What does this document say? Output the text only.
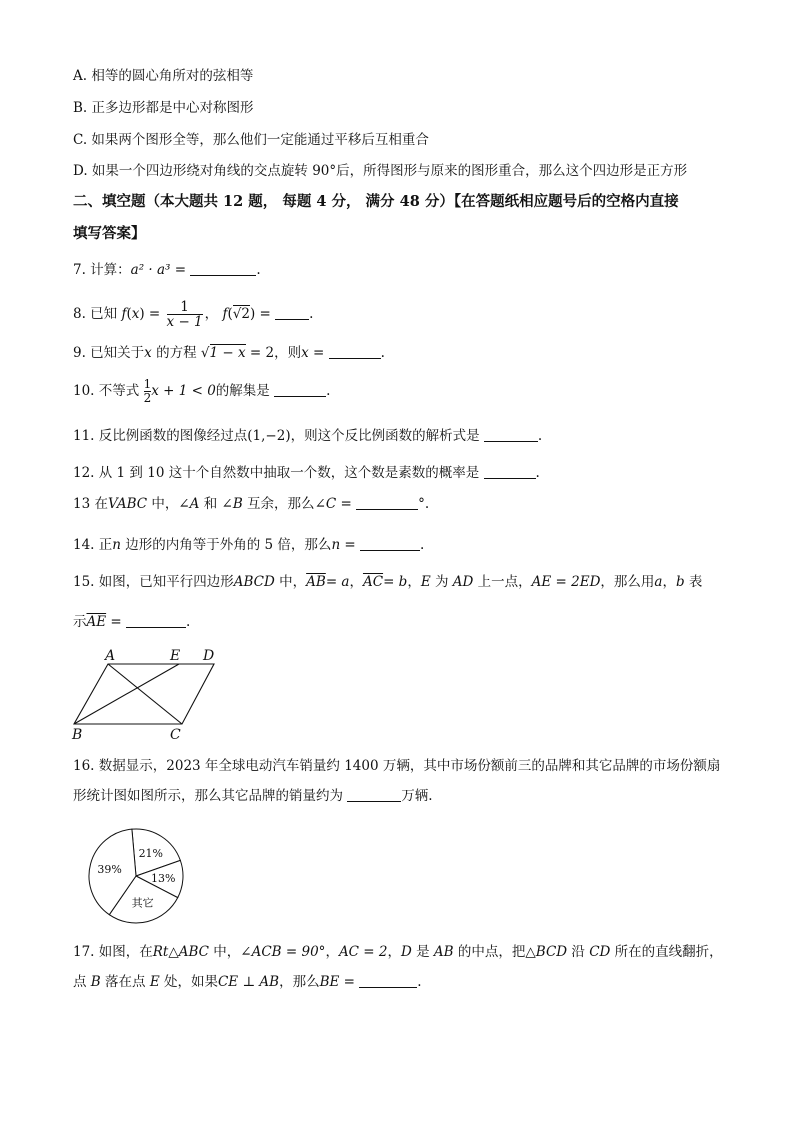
A. 相等的圆心角所对的弦相等
B. 正多边形都是中心对称图形
C. 如果两个图形全等，那么他们一定能通过平移后互相重合
D. 如果一个四边形绕对角线的交点旋转 90°后，所得图形与原来的图形重合，那么这个四边形是正方形
二、填空题（本大题共 12 题， 每题 4 分， 满分 48 分）【在答题纸相应题号后的空格内直接
填写答案】
7. 计算：a² · a³ =	.
8. 已知 $f(x) = \frac{1}{x - 1}$ ， f(√2) =	.
9. 已知关于x 的方程 √1 − x = 2，则x =	.
10. 不等式 $\frac{1}{2}$ x + 1 < 0的解集是	.
11. 反比例函数的图像经过点(1,−2)，则这个反比例函数的解析式是	.
12. 从 1 到 10 这十个自然数中抽取一个数，这个数是素数的概率是	.
13 在VABC 中，∠A 和 ∠B 互余，那么∠C =	°.
14. 正n 边形的内角等于外角的 5 倍，那么n =	.
15. 如图，已知平行四边形ABCD 中，$\overline{AB}= a$，$\overline{AC}= b$，E 为 AD 上一点，AE = 2ED，那么用a，b 表
示$\overline{AE}$ =	.
A	E D
B	C
16. 数据显示，2023 年全球电动汽车销量约 1400 万辆，其中市场份额前三的品牌和其它品牌的市场份额扇
形统计图如图所示，那么其它品牌的销量约为	万辆.
21%
13%
其它
39%
17. 如图，在Rt△ABC 中，∠ACB = 90°，AC = 2，D 是 AB 的中点，把△BCD 沿 CD 所在的直线翻折，
点 B 落在点 E 处，如果CE ⊥ AB，那么BE =	.
